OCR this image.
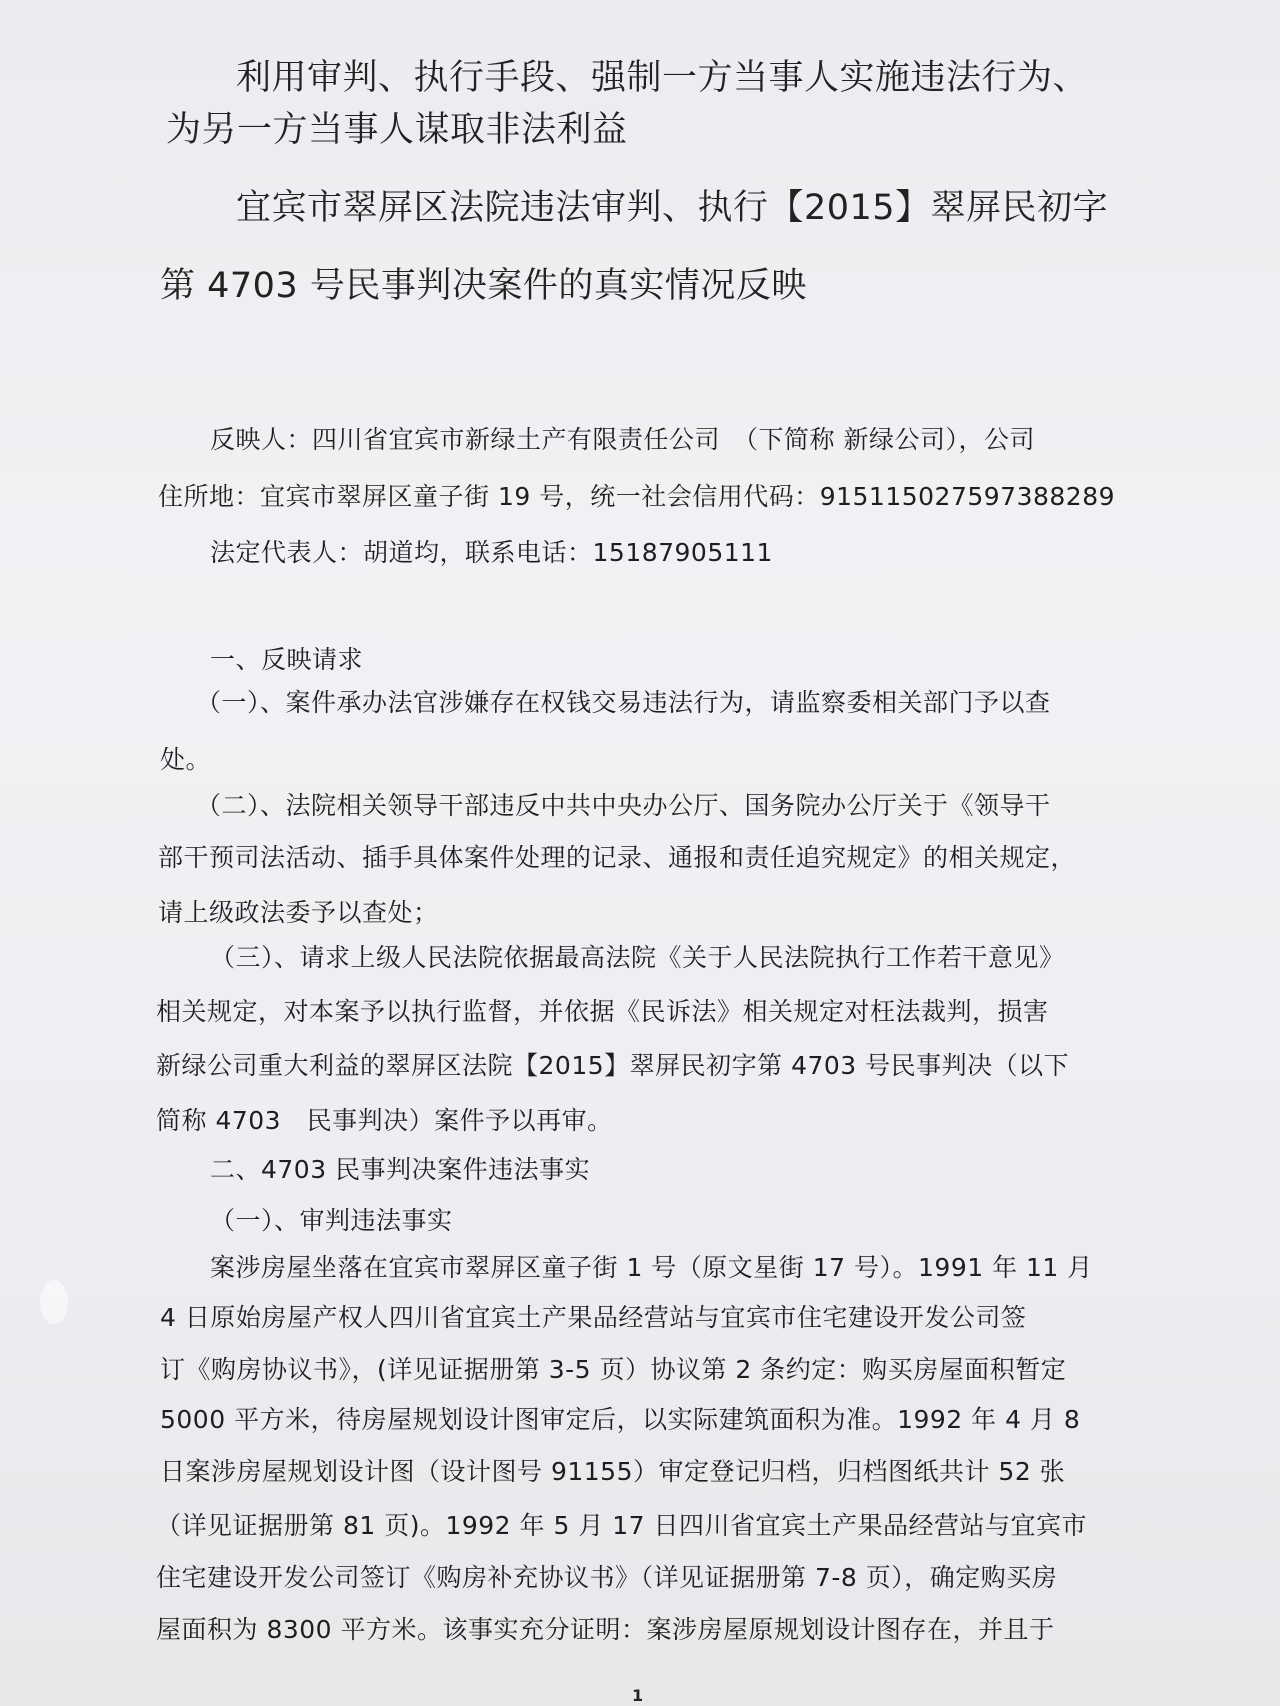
利用审判、执行手段、强制一方当事人实施违法行为、
为另一方当事人谋取非法利益
宜宾市翠屏区法院违法审判、执行【2015】翠屏民初字
第 4703 号民事判决案件的真实情况反映
反映人：四川省宜宾市新绿土产有限责任公司　（下简称 新绿公司），公司
住所地：宜宾市翠屏区童子街 19 号，统一社会信用代码：91511502759738828​9
法定代表人：胡道均，联系电话：15187905111
一、反映请求
（一）、案件承办法官涉嫌存在权钱交易违法行为，请监察委相关部门予以查
处。
（二）、法院相关领导干部违反中共中央办公厅、国务院办公厅关于《领导干
部干预司法活动、插手具体案件处理的记录、通报和责任追究规定》的相关规定，
请上级政法委予以查处；
（三）、请求上级人民法院依据最高法院《关于人民法院执行工作若干意见》
相关规定，对本案予以执行监督，并依据《民诉法》相关规定对枉法裁判，损害
新绿公司重大利益的翠屏区法院【2015】翠屏民初字第 4703 号民事判决（以下
简称 4703　民事判决）案件予以再审。
二、4703 民事判决案件违法事实
（一）、审判违法事实
案涉房屋坐落在宜宾市翠屏区童子街 1 号（原文星街 17 号）。1991 年 11 月
4 日原始房屋产权人四川省宜宾土产果品经营站与宜宾市住宅建设开发公司签
订《购房协议书》，(详见证据册第 3-5 页）协议第 2 条约定：购买房屋面积暂定
5000 平方米，待房屋规划设计图审定后，以实际建筑面积为准。1992 年 4 月 8
日案涉房屋规划设计图（设计图号 91155）审定登记归档，归档图纸共计 52 张
（详见证据册第 81 页)。1992 年 5 月 17 日四川省宜宾土产果品经营站与宜宾市
住宅建设开发公司签订《购房补充协议书》（详见证据册第 7-8 页），确定购买房
屋面积为 8300 平方米。该事实充分证明：案涉房屋原规划设计图存在，并且于
1
